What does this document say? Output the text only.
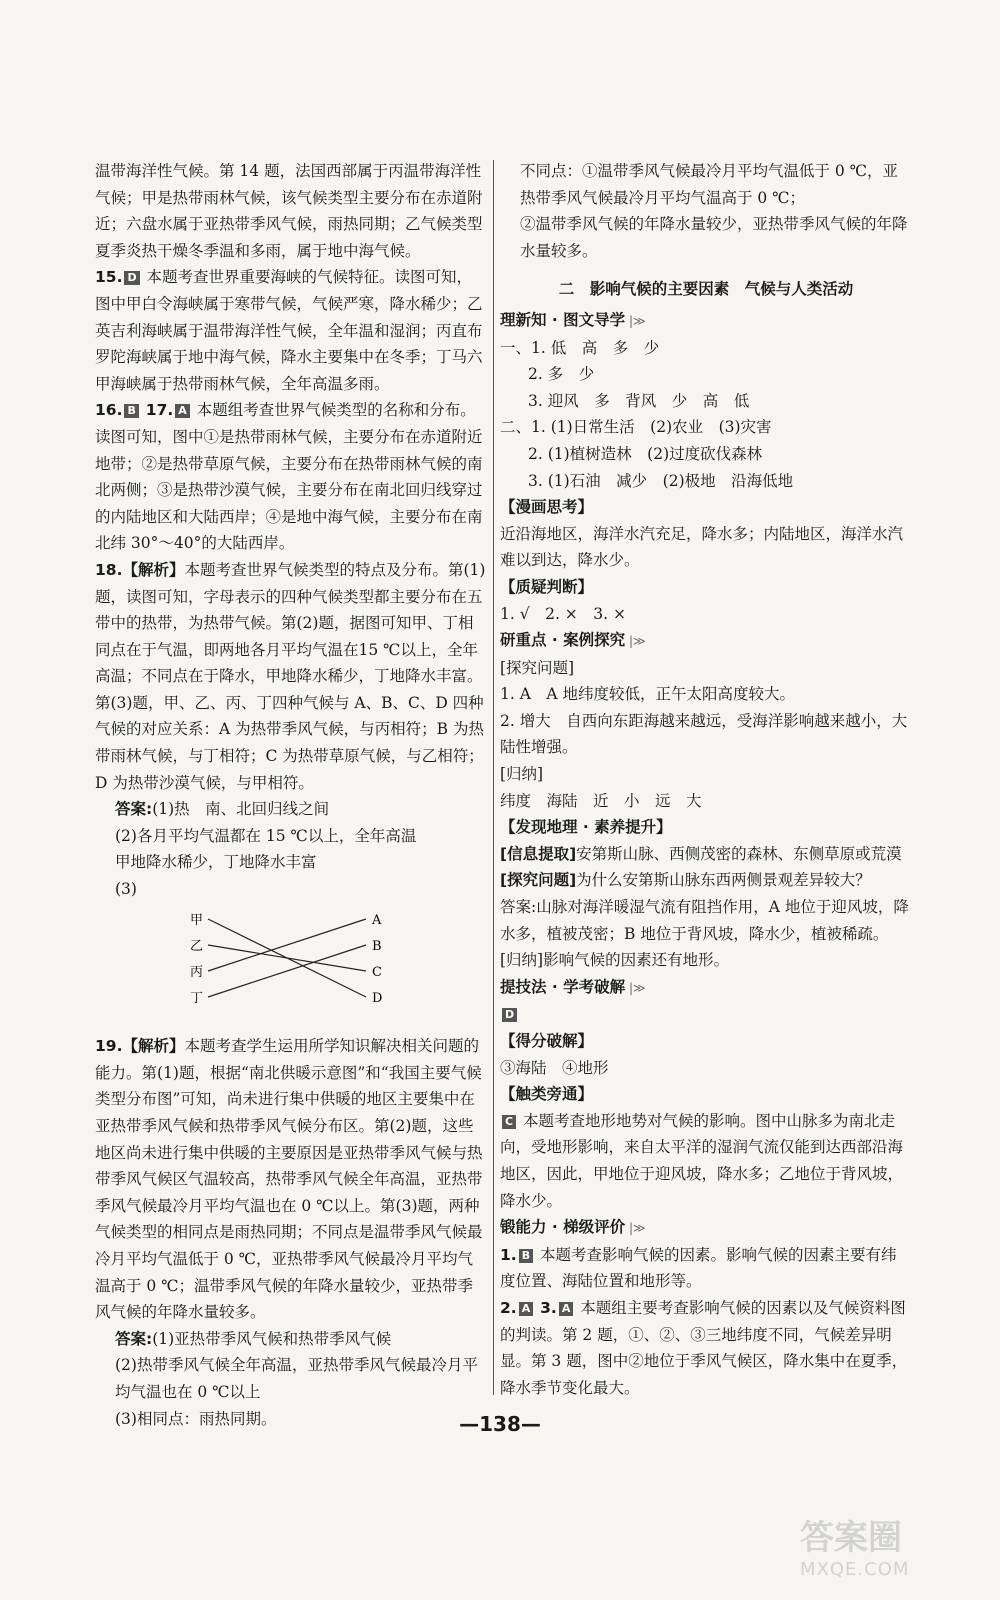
温带海洋性气候。第 14 题，法国西部属于丙温带海洋性气候；甲是热带雨林气候，该气候类型主要分布在赤道附近；六盘水属于亚热带季风气候，雨热同期；乙气候类型夏季炎热干燥冬季温和多雨，属于地中海气候。

15. D 本题考查世界重要海峡的气候特征。读图可知，图中甲白令海峡属于寒带气候，气候严寒，降水稀少；乙英吉利海峡属于温带海洋性气候，全年温和湿润；丙直布罗陀海峡属于地中海气候，降水主要集中在冬季；丁马六甲海峡属于热带雨林气候，全年高温多雨。

16. B 17. A 本题组考查世界气候类型的名称和分布。读图可知，图中①是热带雨林气候，主要分布在赤道附近地带；②是热带草原气候，主要分布在热带雨林气候的南北两侧；③是热带沙漠气候，主要分布在南北回归线穿过的内陆地区和大陆西岸；④是地中海气候，主要分布在南北纬 30°～40°的大陆西岸。

18.【解析】本题考查世界气候类型的特点及分布。第(1)题，读图可知，字母表示的四种气候类型都主要分布在五带中的热带，为热带气候。第(2)题，据图可知甲、丁相同点在于气温，即两地各月平均气温在15 ℃以上，全年高温；不同点在于降水，甲地降水稀少，丁地降水丰富。第(3)题，甲、乙、丙、丁四种气候与 A、B、C、D 四种气候的对应关系：A 为热带季风气候，与丙相符；B 为热带雨林气候，与丁相符；C 为热带草原气候，与乙相符；D 为热带沙漠气候，与甲相符。

答案:(1)热　南、北回归线之间

(2)各月平均气温都在 15 ℃以上，全年高温

甲地降水稀少，丁地降水丰富

(3)

甲
乙
丙
丁
A
B
C
D

19.【解析】本题考查学生运用所学知识解决相关问题的能力。第(1)题，根据“南北供暖示意图”和“我国主要气候类型分布图”可知，尚未进行集中供暖的地区主要集中在亚热带季风气候和热带季风气候分布区。第(2)题，这些地区尚未进行集中供暖的主要原因是亚热带季风气候与热带季风气候区气温较高，热带季风气候全年高温，亚热带季风气候最冷月平均气温也在 0 ℃以上。第(3)题，两种气候类型的相同点是雨热同期；不同点是温带季风气候最冷月平均气温低于 0 ℃，亚热带季风气候最冷月平均气温高于 0 ℃；温带季风气候的年降水量较少，亚热带季风气候的年降水量较多。

答案:(1)亚热带季风气候和热带季风气候

(2)热带季风气候全年高温，亚热带季风气候最冷月平均气温也在 0 ℃以上

(3)相同点：雨热同期。

不同点：①温带季风气候最冷月平均气温低于 0 ℃，亚热带季风气候最冷月平均气温高于 0 ℃；

②温带季风气候的年降水量较少，亚热带季风气候的年降水量较多。

二　影响气候的主要因素　气候与人类活动

理新知 · 图文导学 |≫

一、1. 低　高　多　少

2. 多　少

3. 迎风　多　背风　少　高　低

二、1. (1)日常生活　(2)农业　(3)灾害

2. (1)植树造林　(2)过度砍伐森林

3. (1)石油　减少　(2)极地　沿海低地

【漫画思考】

近沿海地区，海洋水汽充足，降水多；内陆地区，海洋水汽难以到达，降水少。

【质疑判断】

1. √　2. ×　3. ×

研重点 · 案例探究 |≫

[探究问题]

1. A　A 地纬度较低，正午太阳高度较大。

2. 增大　自西向东距海越来越远，受海洋影响越来越小，大陆性增强。

[归纳]

纬度　海陆　近　小　远　大

【发现地理 · 素养提升】

[信息提取]安第斯山脉、西侧茂密的森林、东侧草原或荒漠

[探究问题]为什么安第斯山脉东西两侧景观差异较大？

答案:山脉对海洋暖湿气流有阻挡作用，A 地位于迎风坡，降水多，植被茂密；B 地位于背风坡，降水少，植被稀疏。

[归纳]影响气候的因素还有地形。

提技法 · 学考破解 |≫

D

【得分破解】

③海陆　④地形

【触类旁通】

C 本题考查地形地势对气候的影响。图中山脉多为南北走向，受地形影响，来自太平洋的湿润气流仅能到达西部沿海地区，因此，甲地位于迎风坡，降水多；乙地位于背风坡，降水少。

锻能力 · 梯级评价 |≫

1. B 本题考查影响气候的因素。影响气候的因素主要有纬度位置、海陆位置和地形等。

2. A 3. A 本题组主要考查影响气候的因素以及气候资料图的判读。第 2 题，①、②、③三地纬度不同，气候差异明显。第 3 题，图中②地位于季风气候区，降水集中在夏季，降水季节变化最大。

—138—
答案圈
MXQE.COM
